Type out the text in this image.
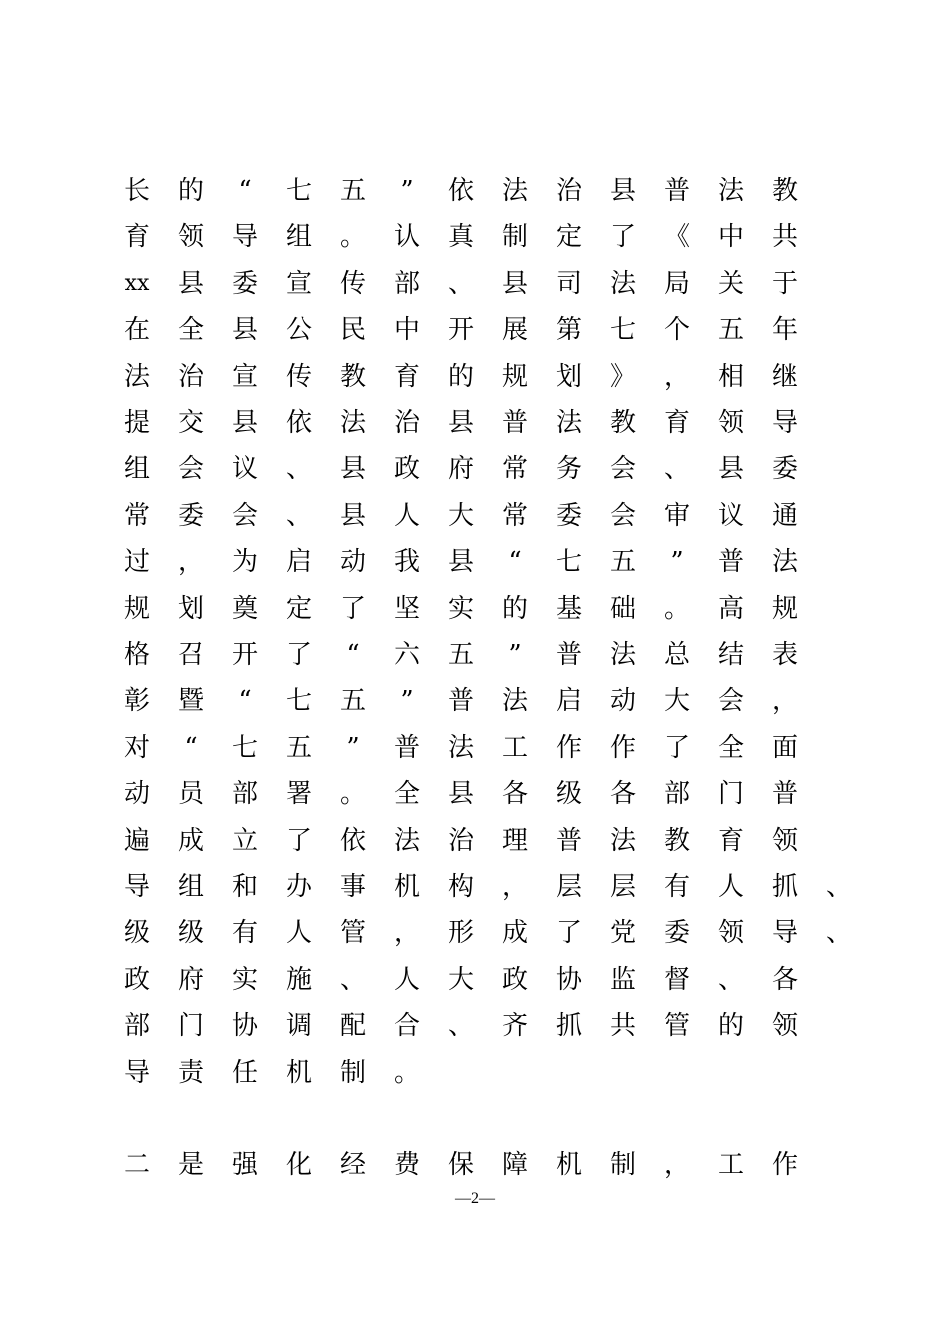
长 的	“	七 五	”	依 法 治 县 普 法 教
育 领 导 组 。 认 真 制 定 了 《 中 共
xx 县 委 宣 传 部 、 县 司 法 局 关 于
在 全 县 公 民 中 开 展 第 七 个 五 年
法 治 宣 传 教 育 的 规 划 》 ， 相 继
提 交 县 依 法 治 县 普 法 教 育 领 导
组 会 议 、 县 政 府 常 务 会 、 县 委
常 委 会 、 县 人 大 常 委 会 审 议 通
过 ， 为 启 动 我 县	“	七 五	”	普 法
规 划 奠 定 了 坚 实 的 基 础 。 高 规
格 召 开 了	“	六 五	”	普 法 总 结 表
彰 暨	“	七 五	”	普 法 启 动 大 会 ，
对	“	七 五	”	普 法 工 作 作 了 全 面
动 员 部 署 。 全 县 各 级 各 部 门 普
遍 成 立 了 依 法 治 理 普 法 教 育 领
导 组 和 办 事 机 构 ， 层 层 有 人 抓 、
级 级 有 人 管 ， 形 成 了 党 委 领 导 、
政 府 实 施 、 人 大 政 协 监 督 、 各
部 门 协 调 配 合 、 齐 抓 共 管 的 领
导 责 任 机 制 。
二 是 强 化 经 费 保 障 机 制 ， 工 作
—2—
